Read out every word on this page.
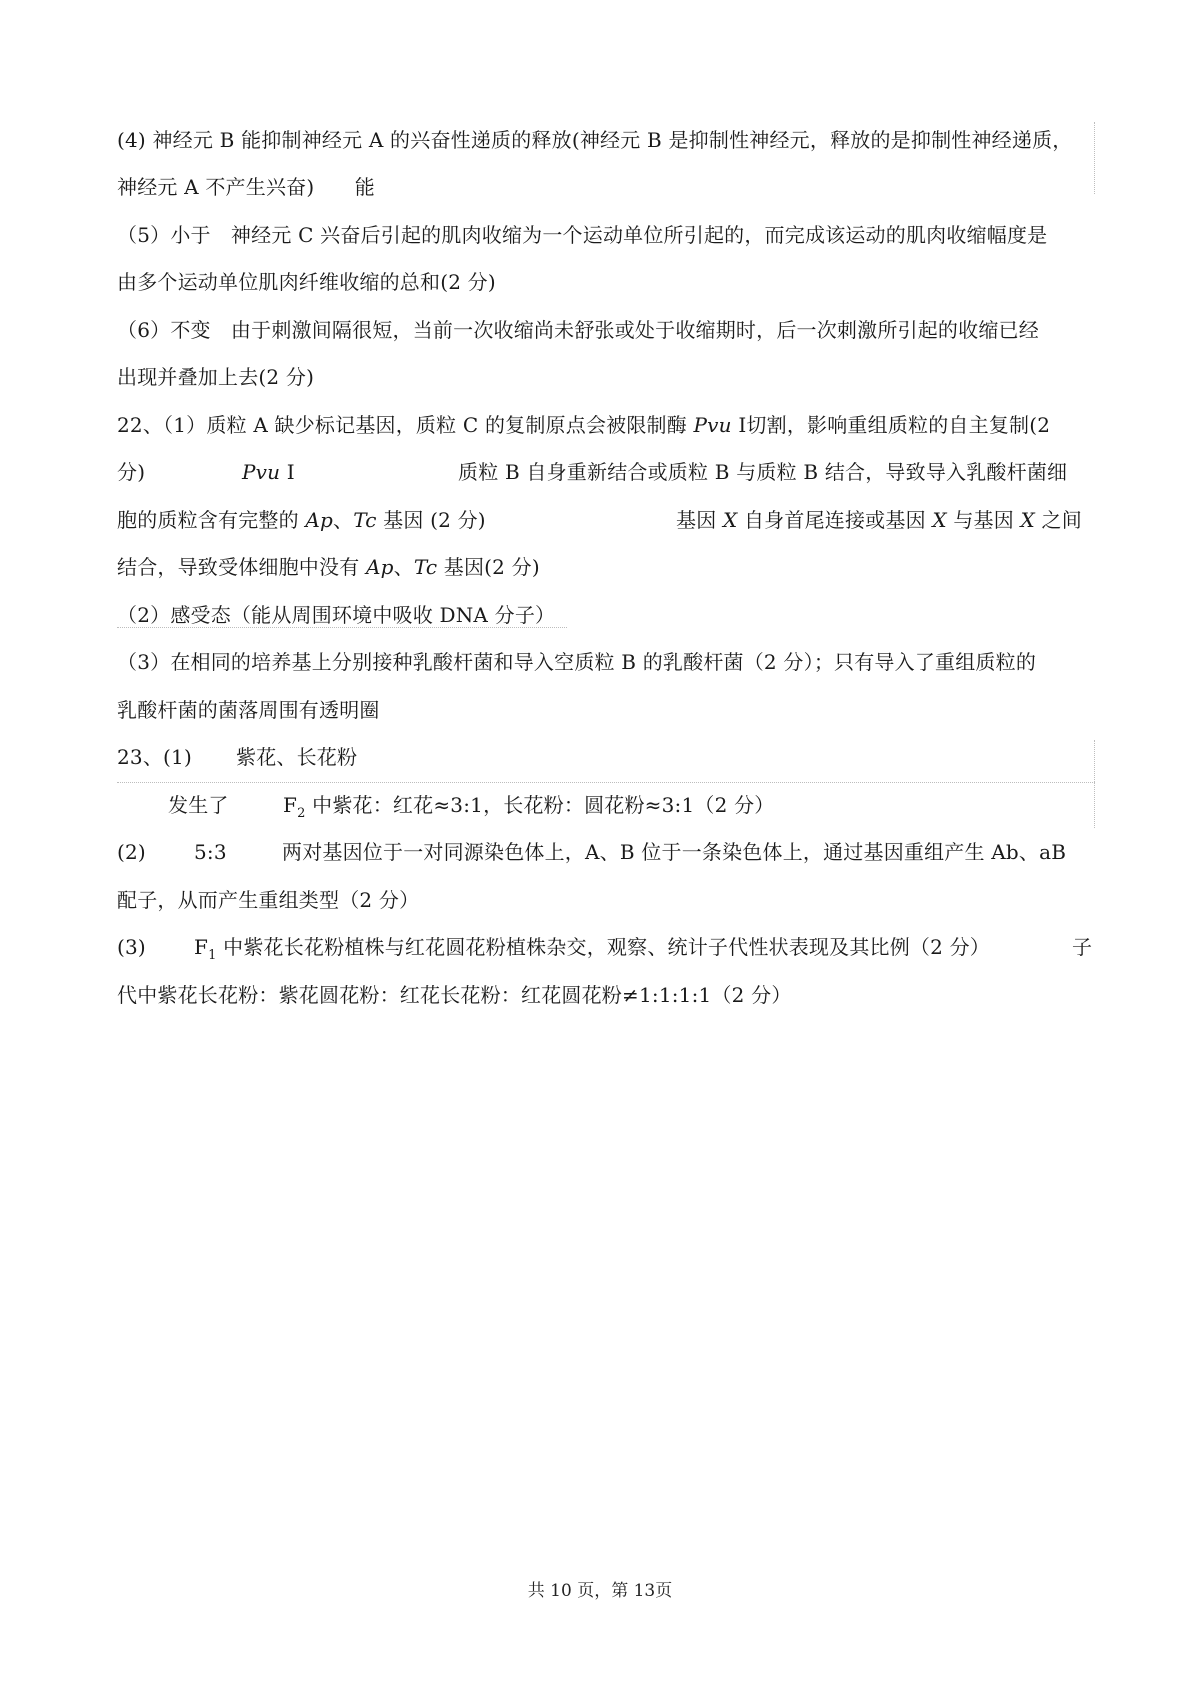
(4) 神经元 B 能抑制神经元 A 的兴奋性递质的释放(神经元 B 是抑制性神经元，释放的是抑制性神经递质，
神经元 A 不产生兴奋)　　能
（5）小于　神经元 C 兴奋后引起的肌肉收缩为一个运动单位所引起的，而完成该运动的肌肉收缩幅度是
由多个运动单位肌肉纤维收缩的总和(2 分)
（6）不变　由于刺激间隔很短，当前一次收缩尚未舒张或处于收缩期时，后一次刺激所引起的收缩已经
出现并叠加上去(2 分)
22、（1）质粒 A 缺少标记基因，质粒 C 的复制原点会被限制酶 Pvu Ⅰ切割，影响重组质粒的自主复制(2
分)	Pvu Ⅰ	质粒 B 自身重新结合或质粒 B 与质粒 B 结合，导致导入乳酸杆菌细
胞的质粒含有完整的 Ap、Tc 基因 (2 分)	基因 X 自身首尾连接或基因 X 与基因 X 之间
结合，导致受体细胞中没有 Ap、Tc 基因(2 分)
（2）感受态（能从周围环境中吸收 DNA 分子）
（3）在相同的培养基上分别接种乳酸杆菌和导入空质粒 B 的乳酸杆菌（2 分）；只有导入了重组质粒的
乳酸杆菌的菌落周围有透明圈
23、(1) 紫花、长花粉
发生了	$F_2$ 中紫花：红花≈3:1，长花粉：圆花粉≈3:1（2 分）
(2) 5:3	两对基因位于一对同源染色体上，A、B 位于一条染色体上，通过基因重组产生 Ab、aB
配子，从而产生重组类型（2 分）
(3) $F_1$ 中紫花长花粉植株与红花圆花粉植株杂交，观察、统计子代性状表现及其比例（2 分）	子
代中紫花长花粉：紫花圆花粉：红花长花粉：红花圆花粉≠1:1:1:1（2 分）
共 10 页，第 13页
